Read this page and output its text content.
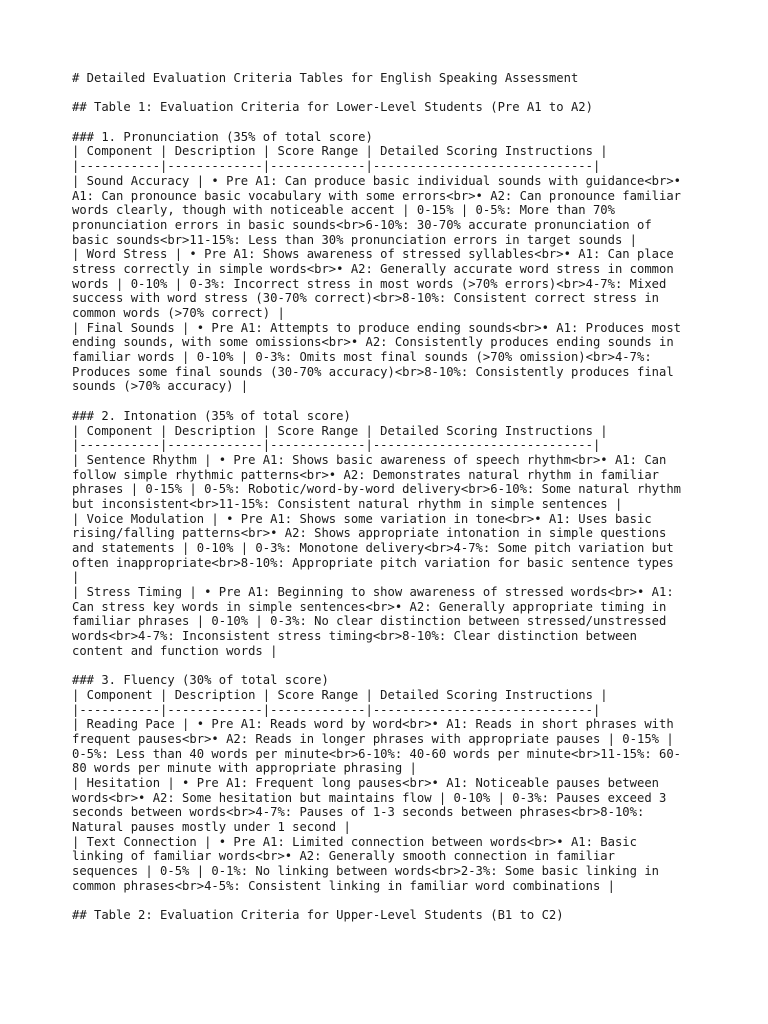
# Detailed Evaluation Criteria Tables for English Speaking Assessment
## Table 1: Evaluation Criteria for Lower-Level Students (Pre A1 to A2)
### 1. Pronunciation (35% of total score)
| Component | Description | Score Range | Detailed Scoring Instructions |
|-----------|-------------|-------------|------------------------------|
| Sound Accuracy | • Pre A1: Can produce basic individual sounds with guidance<br>•
A1: Can pronounce basic vocabulary with some errors<br>• A2: Can pronounce familiar
words clearly, though with noticeable accent | 0-15% | 0-5%: More than 70%
pronunciation errors in basic sounds<br>6-10%: 30-70% accurate pronunciation of
basic sounds<br>11-15%: Less than 30% pronunciation errors in target sounds |
| Word Stress | • Pre A1: Shows awareness of stressed syllables<br>• A1: Can place
stress correctly in simple words<br>• A2: Generally accurate word stress in common
words | 0-10% | 0-3%: Incorrect stress in most words (>70% errors)<br>4-7%: Mixed
success with word stress (30-70% correct)<br>8-10%: Consistent correct stress in
common words (>70% correct) |
| Final Sounds | • Pre A1: Attempts to produce ending sounds<br>• A1: Produces most
ending sounds, with some omissions<br>• A2: Consistently produces ending sounds in
familiar words | 0-10% | 0-3%: Omits most final sounds (>70% omission)<br>4-7%:
Produces some final sounds (30-70% accuracy)<br>8-10%: Consistently produces final
sounds (>70% accuracy) |
### 2. Intonation (35% of total score)
| Component | Description | Score Range | Detailed Scoring Instructions |
|-----------|-------------|-------------|------------------------------|
| Sentence Rhythm | • Pre A1: Shows basic awareness of speech rhythm<br>• A1: Can
follow simple rhythmic patterns<br>• A2: Demonstrates natural rhythm in familiar
phrases | 0-15% | 0-5%: Robotic/word-by-word delivery<br>6-10%: Some natural rhythm
but inconsistent<br>11-15%: Consistent natural rhythm in simple sentences |
| Voice Modulation | • Pre A1: Shows some variation in tone<br>• A1: Uses basic
rising/falling patterns<br>• A2: Shows appropriate intonation in simple questions
and statements | 0-10% | 0-3%: Monotone delivery<br>4-7%: Some pitch variation but
often inappropriate<br>8-10%: Appropriate pitch variation for basic sentence types
|
| Stress Timing | • Pre A1: Beginning to show awareness of stressed words<br>• A1:
Can stress key words in simple sentences<br>• A2: Generally appropriate timing in
familiar phrases | 0-10% | 0-3%: No clear distinction between stressed/unstressed
words<br>4-7%: Inconsistent stress timing<br>8-10%: Clear distinction between
content and function words |
### 3. Fluency (30% of total score)
| Component | Description | Score Range | Detailed Scoring Instructions |
|-----------|-------------|-------------|------------------------------|
| Reading Pace | • Pre A1: Reads word by word<br>• A1: Reads in short phrases with
frequent pauses<br>• A2: Reads in longer phrases with appropriate pauses | 0-15% |
0-5%: Less than 40 words per minute<br>6-10%: 40-60 words per minute<br>11-15%: 60-
80 words per minute with appropriate phrasing |
| Hesitation | • Pre A1: Frequent long pauses<br>• A1: Noticeable pauses between
words<br>• A2: Some hesitation but maintains flow | 0-10% | 0-3%: Pauses exceed 3
seconds between words<br>4-7%: Pauses of 1-3 seconds between phrases<br>8-10%:
Natural pauses mostly under 1 second |
| Text Connection | • Pre A1: Limited connection between words<br>• A1: Basic
linking of familiar words<br>• A2: Generally smooth connection in familiar
sequences | 0-5% | 0-1%: No linking between words<br>2-3%: Some basic linking in
common phrases<br>4-5%: Consistent linking in familiar word combinations |
## Table 2: Evaluation Criteria for Upper-Level Students (B1 to C2)
